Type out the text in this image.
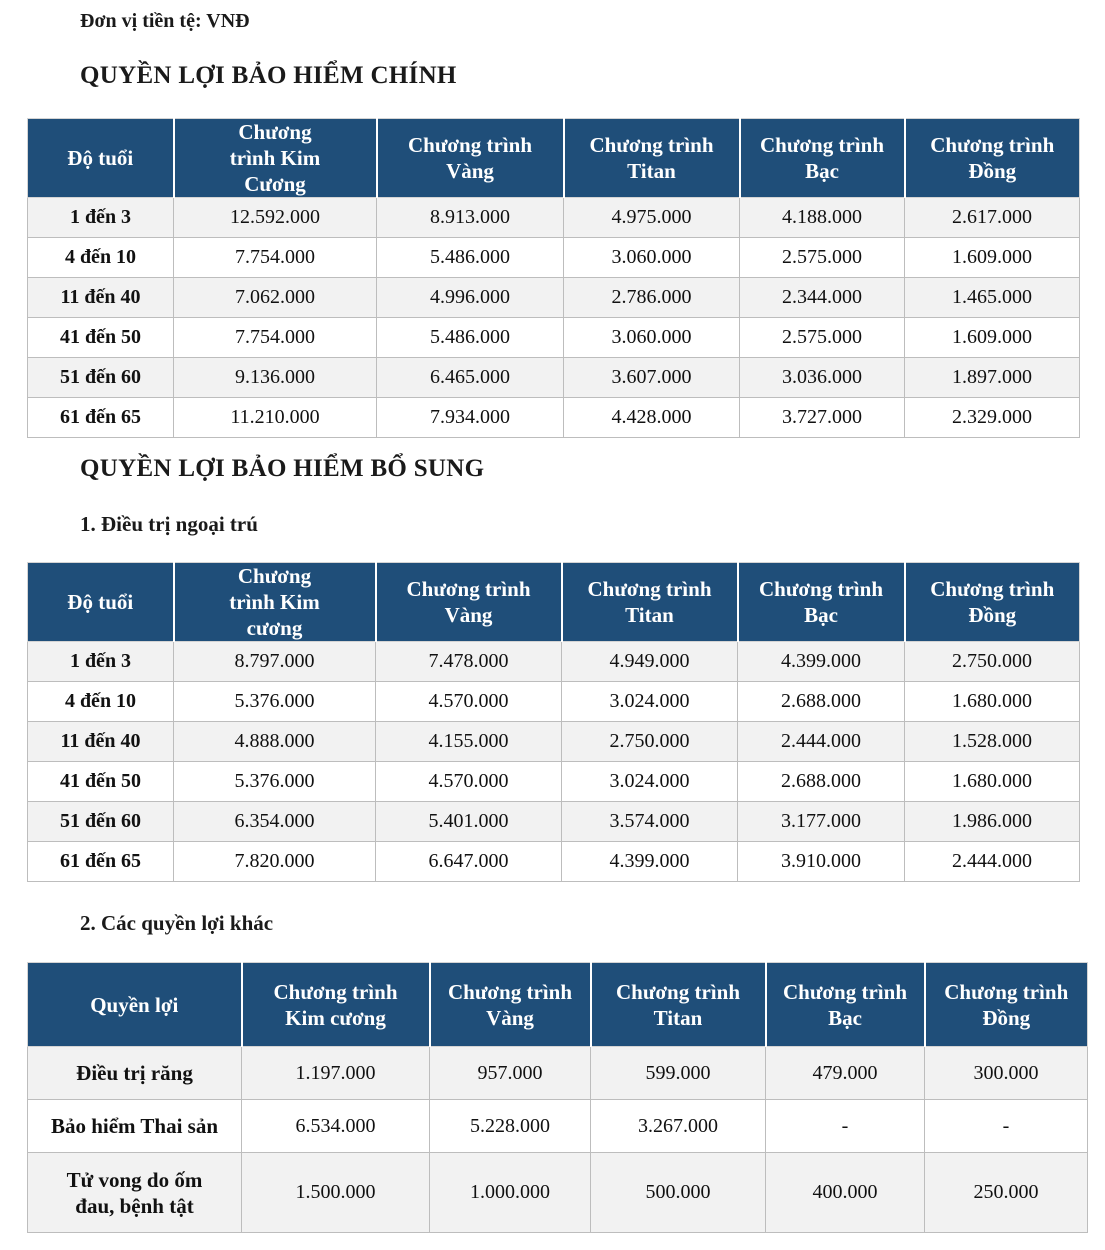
Đơn vị tiền tệ: VNĐ
QUYỀN LỢI BẢO HIỂM CHÍNH
Độ tuổi	Chương trình Kim Cương	Chương trình Vàng	Chương trình Titan	Chương trình Bạc	Chương trình Đồng
1 đến 3	12.592.000	8.913.000	4.975.000	4.188.000	2.617.000
4 đến 10	7.754.000	5.486.000	3.060.000	2.575.000	1.609.000
11 đến 40	7.062.000	4.996.000	2.786.000	2.344.000	1.465.000
41 đến 50	7.754.000	5.486.000	3.060.000	2.575.000	1.609.000
51 đến 60	9.136.000	6.465.000	3.607.000	3.036.000	1.897.000
61 đến 65	11.210.000	7.934.000	4.428.000	3.727.000	2.329.000
QUYỀN LỢI BẢO HIỂM BỔ SUNG
1. Điều trị ngoại trú
Độ tuổi	Chương trình Kim cương	Chương trình Vàng	Chương trình Titan	Chương trình Bạc	Chương trình Đồng
1 đến 3	8.797.000	7.478.000	4.949.000	4.399.000	2.750.000
4 đến 10	5.376.000	4.570.000	3.024.000	2.688.000	1.680.000
11 đến 40	4.888.000	4.155.000	2.750.000	2.444.000	1.528.000
41 đến 50	5.376.000	4.570.000	3.024.000	2.688.000	1.680.000
51 đến 60	6.354.000	5.401.000	3.574.000	3.177.000	1.986.000
61 đến 65	7.820.000	6.647.000	4.399.000	3.910.000	2.444.000
2. Các quyền lợi khác
Quyền lợi	Chương trình Kim cương	Chương trình Vàng	Chương trình Titan	Chương trình Bạc	Chương trình Đồng
Điều trị răng	1.197.000	957.000	599.000	479.000	300.000
Bảo hiểm Thai sản	6.534.000	5.228.000	3.267.000	-	-
Tử vong do ốm đau, bệnh tật	1.500.000	1.000.000	500.000	400.000	250.000
